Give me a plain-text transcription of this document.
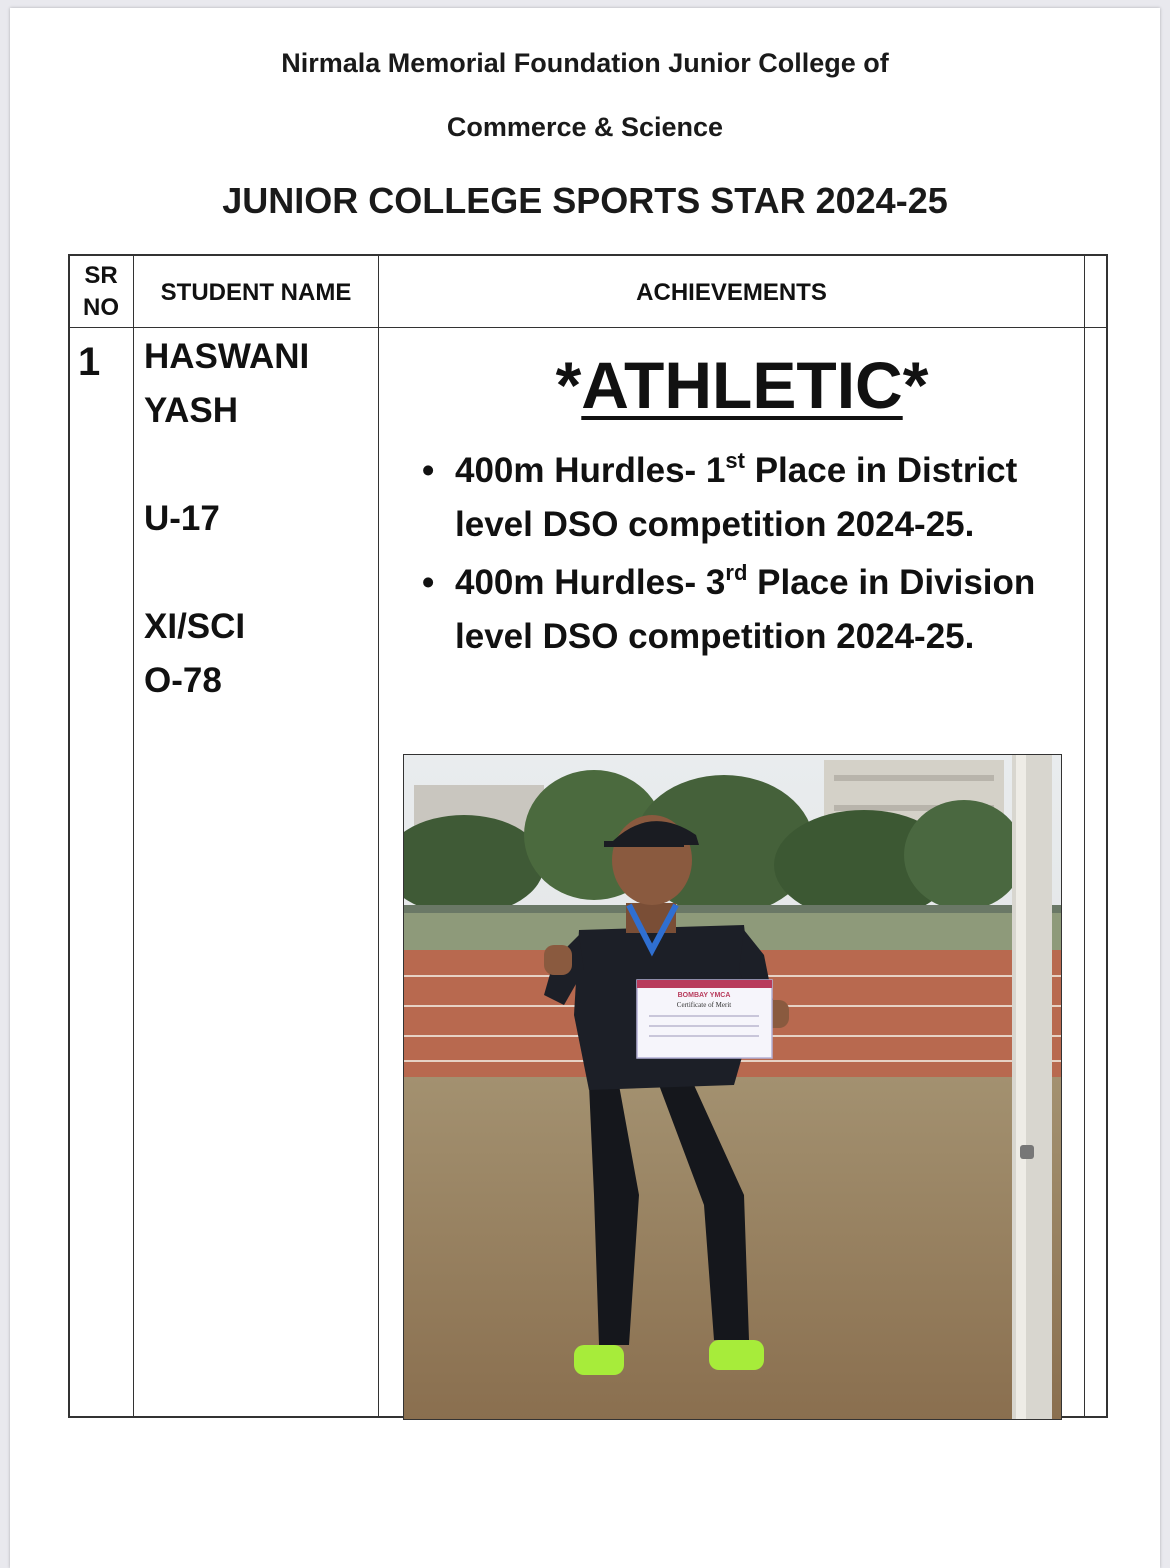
Nirmala Memorial Foundation Junior College of
Commerce & Science
JUNIOR COLLEGE SPORTS STAR 2024-25
SR
NO
STUDENT NAME	ACHIEVEMENTS
1 HASWANI
YASH
U-17
XI/SCI
O-78
*ATHLETIC*
• 400m Hurdles- 1st Place in District level DSO competition 2024-25.
• 400m Hurdles- 3rd Place in Division level DSO competition 2024-25.
BOMBAY YMCA
Certificate of Merit
